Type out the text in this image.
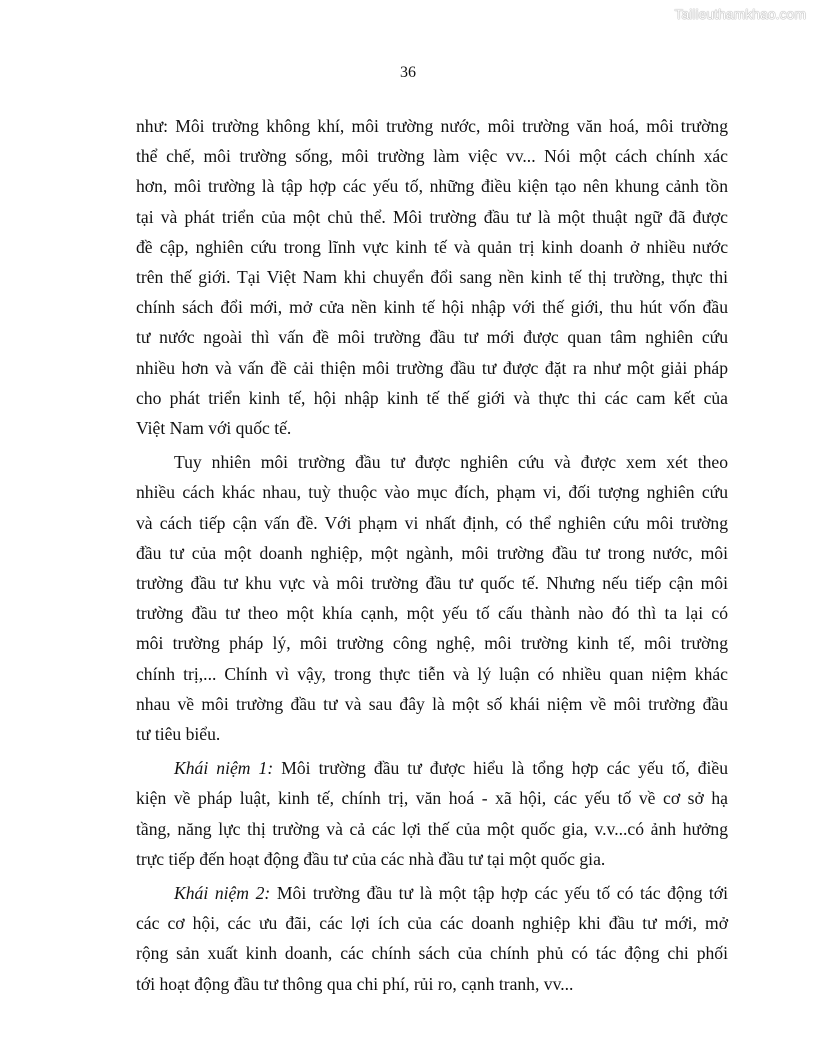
Tailieuthamkhao.com
36
như: Môi trường không khí, môi trường nước, môi trường văn hoá, môi trường
thể chế, môi trường sống, môi trường làm việc vv... Nói một cách chính xác
hơn, môi trường là tập hợp các yếu tố, những điều kiện tạo nên khung cảnh tồn
tại và phát triển của một chủ thể. Môi trường đầu tư là một thuật ngữ đã được
đề cập, nghiên cứu trong lĩnh vực kinh tế và quản trị kinh doanh ở nhiều nước
trên thế giới. Tại Việt Nam khi chuyển đổi sang nền kinh tế thị trường, thực thi
chính sách đổi mới, mở cửa nền kinh tế hội nhập với thế giới, thu hút vốn đầu
tư nước ngoài thì vấn đề môi trường đầu tư mới được quan tâm nghiên cứu
nhiều hơn và vấn đề cải thiện môi trường đầu tư được đặt ra như một giải pháp
cho phát triển kinh tế, hội nhập kinh tế thế giới và thực thi các cam kết của
Việt Nam với quốc tế.
Tuy nhiên môi trường đầu tư được nghiên cứu và được xem xét theo
nhiều cách khác nhau, tuỳ thuộc vào mục đích, phạm vi, đối tượng nghiên cứu
và cách tiếp cận vấn đề. Với phạm vi nhất định, có thể nghiên cứu môi trường
đầu tư của một doanh nghiệp, một ngành, môi trường đầu tư trong nước, môi
trường đầu tư khu vực và môi trường đầu tư quốc tế. Nhưng nếu tiếp cận môi
trường đầu tư theo một khía cạnh, một yếu tố cấu thành nào đó thì ta lại có
môi trường pháp lý, môi trường công nghệ, môi trường kinh tế, môi trường
chính trị,... Chính vì vậy, trong thực tiễn và lý luận có nhiều quan niệm khác
nhau về môi trường đầu tư và sau đây là một số khái niệm về môi trường đầu
tư tiêu biểu.
Khái niệm 1: Môi trường đầu tư được hiểu là tổng hợp các yếu tố, điều
kiện về pháp luật, kinh tế, chính trị, văn hoá - xã hội, các yếu tố về cơ sở hạ
tầng, năng lực thị trường và cả các lợi thế của một quốc gia, v.v...có ảnh hưởng
trực tiếp đến hoạt động đầu tư của các nhà đầu tư tại một quốc gia.
Khái niệm 2: Môi trường đầu tư là một tập hợp các yếu tố có tác động tới
các cơ hội, các ưu đãi, các lợi ích của các doanh nghiệp khi đầu tư mới, mở
rộng sản xuất kinh doanh, các chính sách của chính phủ có tác động chi phối
tới hoạt động đầu tư thông qua chi phí, rủi ro, cạnh tranh, vv...
